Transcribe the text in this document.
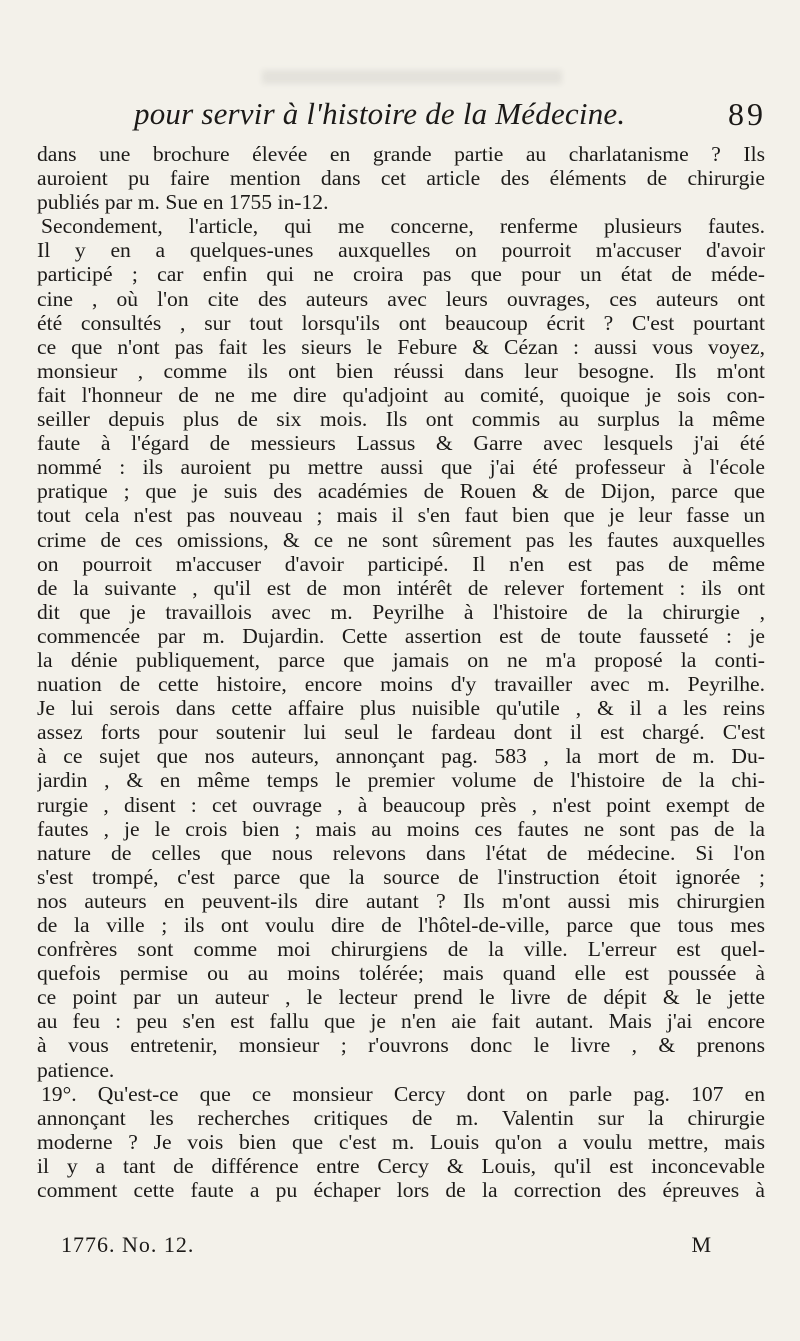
pour servir à l'histoire de la Médecine.	89
dans une brochure élevée en grande partie au charlatanisme ? Ils
auroient pu faire mention dans cet article des éléments de chirurgie
publiés par m. Sue en 1755 in-12.
Secondement, l'article, qui me concerne, renferme plusieurs fautes.
Il y en a quelques-unes auxquelles on pourroit m'accuser d'avoir
participé ; car enfin qui ne croira pas que pour un état de méde-
cine , où l'on cite des auteurs avec leurs ouvrages, ces auteurs ont
été consultés , sur tout lorsqu'ils ont beaucoup écrit ? C'est pourtant
ce que n'ont pas fait les sieurs le Febure & Cézan : aussi vous voyez,
monsieur , comme ils ont bien réussi dans leur besogne. Ils m'ont
fait l'honneur de ne me dire qu'adjoint au comité, quoique je sois con-
seiller depuis plus de six mois. Ils ont commis au surplus la même
faute à l'égard de messieurs Lassus & Garre avec lesquels j'ai été
nommé : ils auroient pu mettre aussi que j'ai été professeur à l'école
pratique ; que je suis des académies de Rouen & de Dijon, parce que
tout cela n'est pas nouveau ; mais il s'en faut bien que je leur fasse un
crime de ces omissions, & ce ne sont sûrement pas les fautes auxquelles
on pourroit m'accuser d'avoir participé. Il n'en est pas de même
de la suivante , qu'il est de mon intérêt de relever fortement : ils ont
dit que je travaillois avec m. Peyrilhe à l'histoire de la chirurgie ,
commencée par m. Dujardin. Cette assertion est de toute fausseté : je
la dénie publiquement, parce que jamais on ne m'a proposé la conti-
nuation de cette histoire, encore moins d'y travailler avec m. Peyrilhe.
Je lui serois dans cette affaire plus nuisible qu'utile , & il a les reins
assez forts pour soutenir lui seul le fardeau dont il est chargé. C'est
à ce sujet que nos auteurs, annonçant pag. 583 , la mort de m. Du-
jardin , & en même temps le premier volume de l'histoire de la chi-
rurgie , disent : cet ouvrage , à beaucoup près , n'est point exempt de
fautes , je le crois bien ; mais au moins ces fautes ne sont pas de la
nature de celles que nous relevons dans l'état de médecine. Si l'on
s'est trompé, c'est parce que la source de l'instruction étoit ignorée ;
nos auteurs en peuvent-ils dire autant ? Ils m'ont aussi mis chirurgien
de la ville ; ils ont voulu dire de l'hôtel-de-ville, parce que tous mes
confrères sont comme moi chirurgiens de la ville. L'erreur est quel-
quefois permise ou au moins tolérée; mais quand elle est poussée à
ce point par un auteur , le lecteur prend le livre de dépit & le jette
au feu : peu s'en est fallu que je n'en aie fait autant. Mais j'ai encore
à vous entretenir, monsieur ; r'ouvrons donc le livre , & prenons
patience.
19°. Qu'est-ce que ce monsieur Cercy dont on parle pag. 107 en
annonçant les recherches critiques de m. Valentin sur la chirurgie
moderne ? Je vois bien que c'est m. Louis qu'on a voulu mettre, mais
il y a tant de différence entre Cercy & Louis, qu'il est inconcevable
comment cette faute a pu échaper lors de la correction des épreuves à
1776. No. 12.	M
